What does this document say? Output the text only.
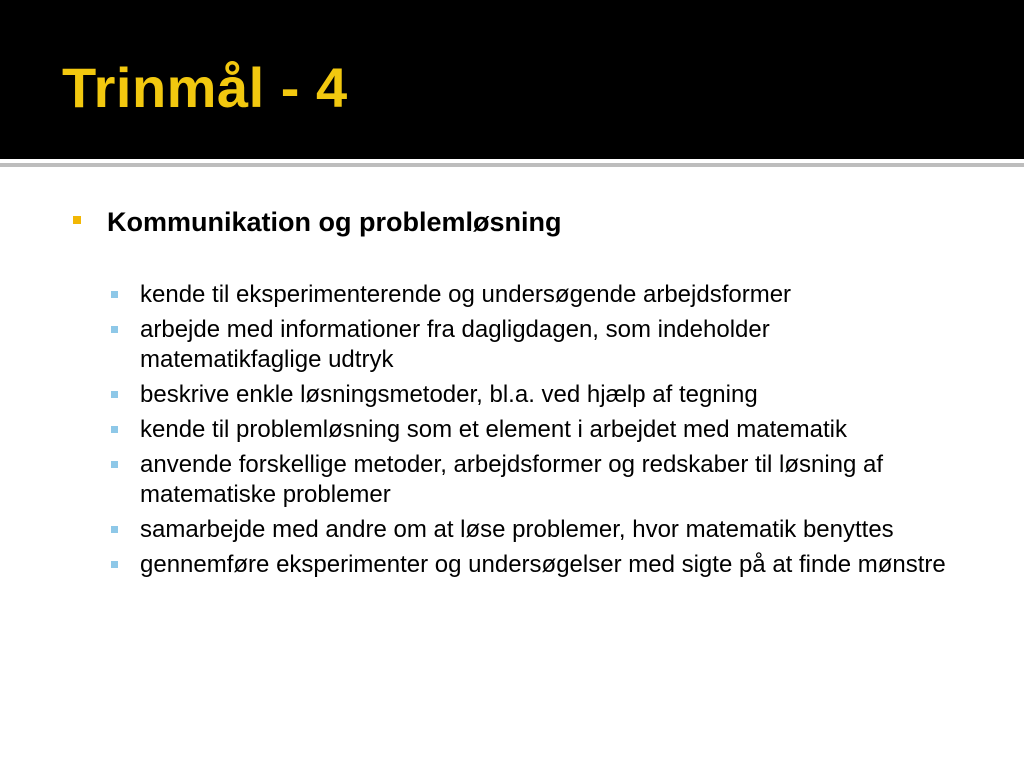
Trinmål - 4
Kommunikation og problemløsning
kende til eksperimenterende og undersøgende arbejdsformer
arbejde med informationer fra dagligdagen, som indeholder matematikfaglige udtryk
beskrive enkle løsningsmetoder, bl.a. ved hjælp af tegning
kende til problemløsning som et element i arbejdet med matematik
anvende forskellige metoder, arbejdsformer og redskaber til løsning af matematiske problemer
samarbejde med andre om at løse problemer, hvor matematik benyttes
gennemføre eksperimenter og undersøgelser med sigte på at finde mønstre
